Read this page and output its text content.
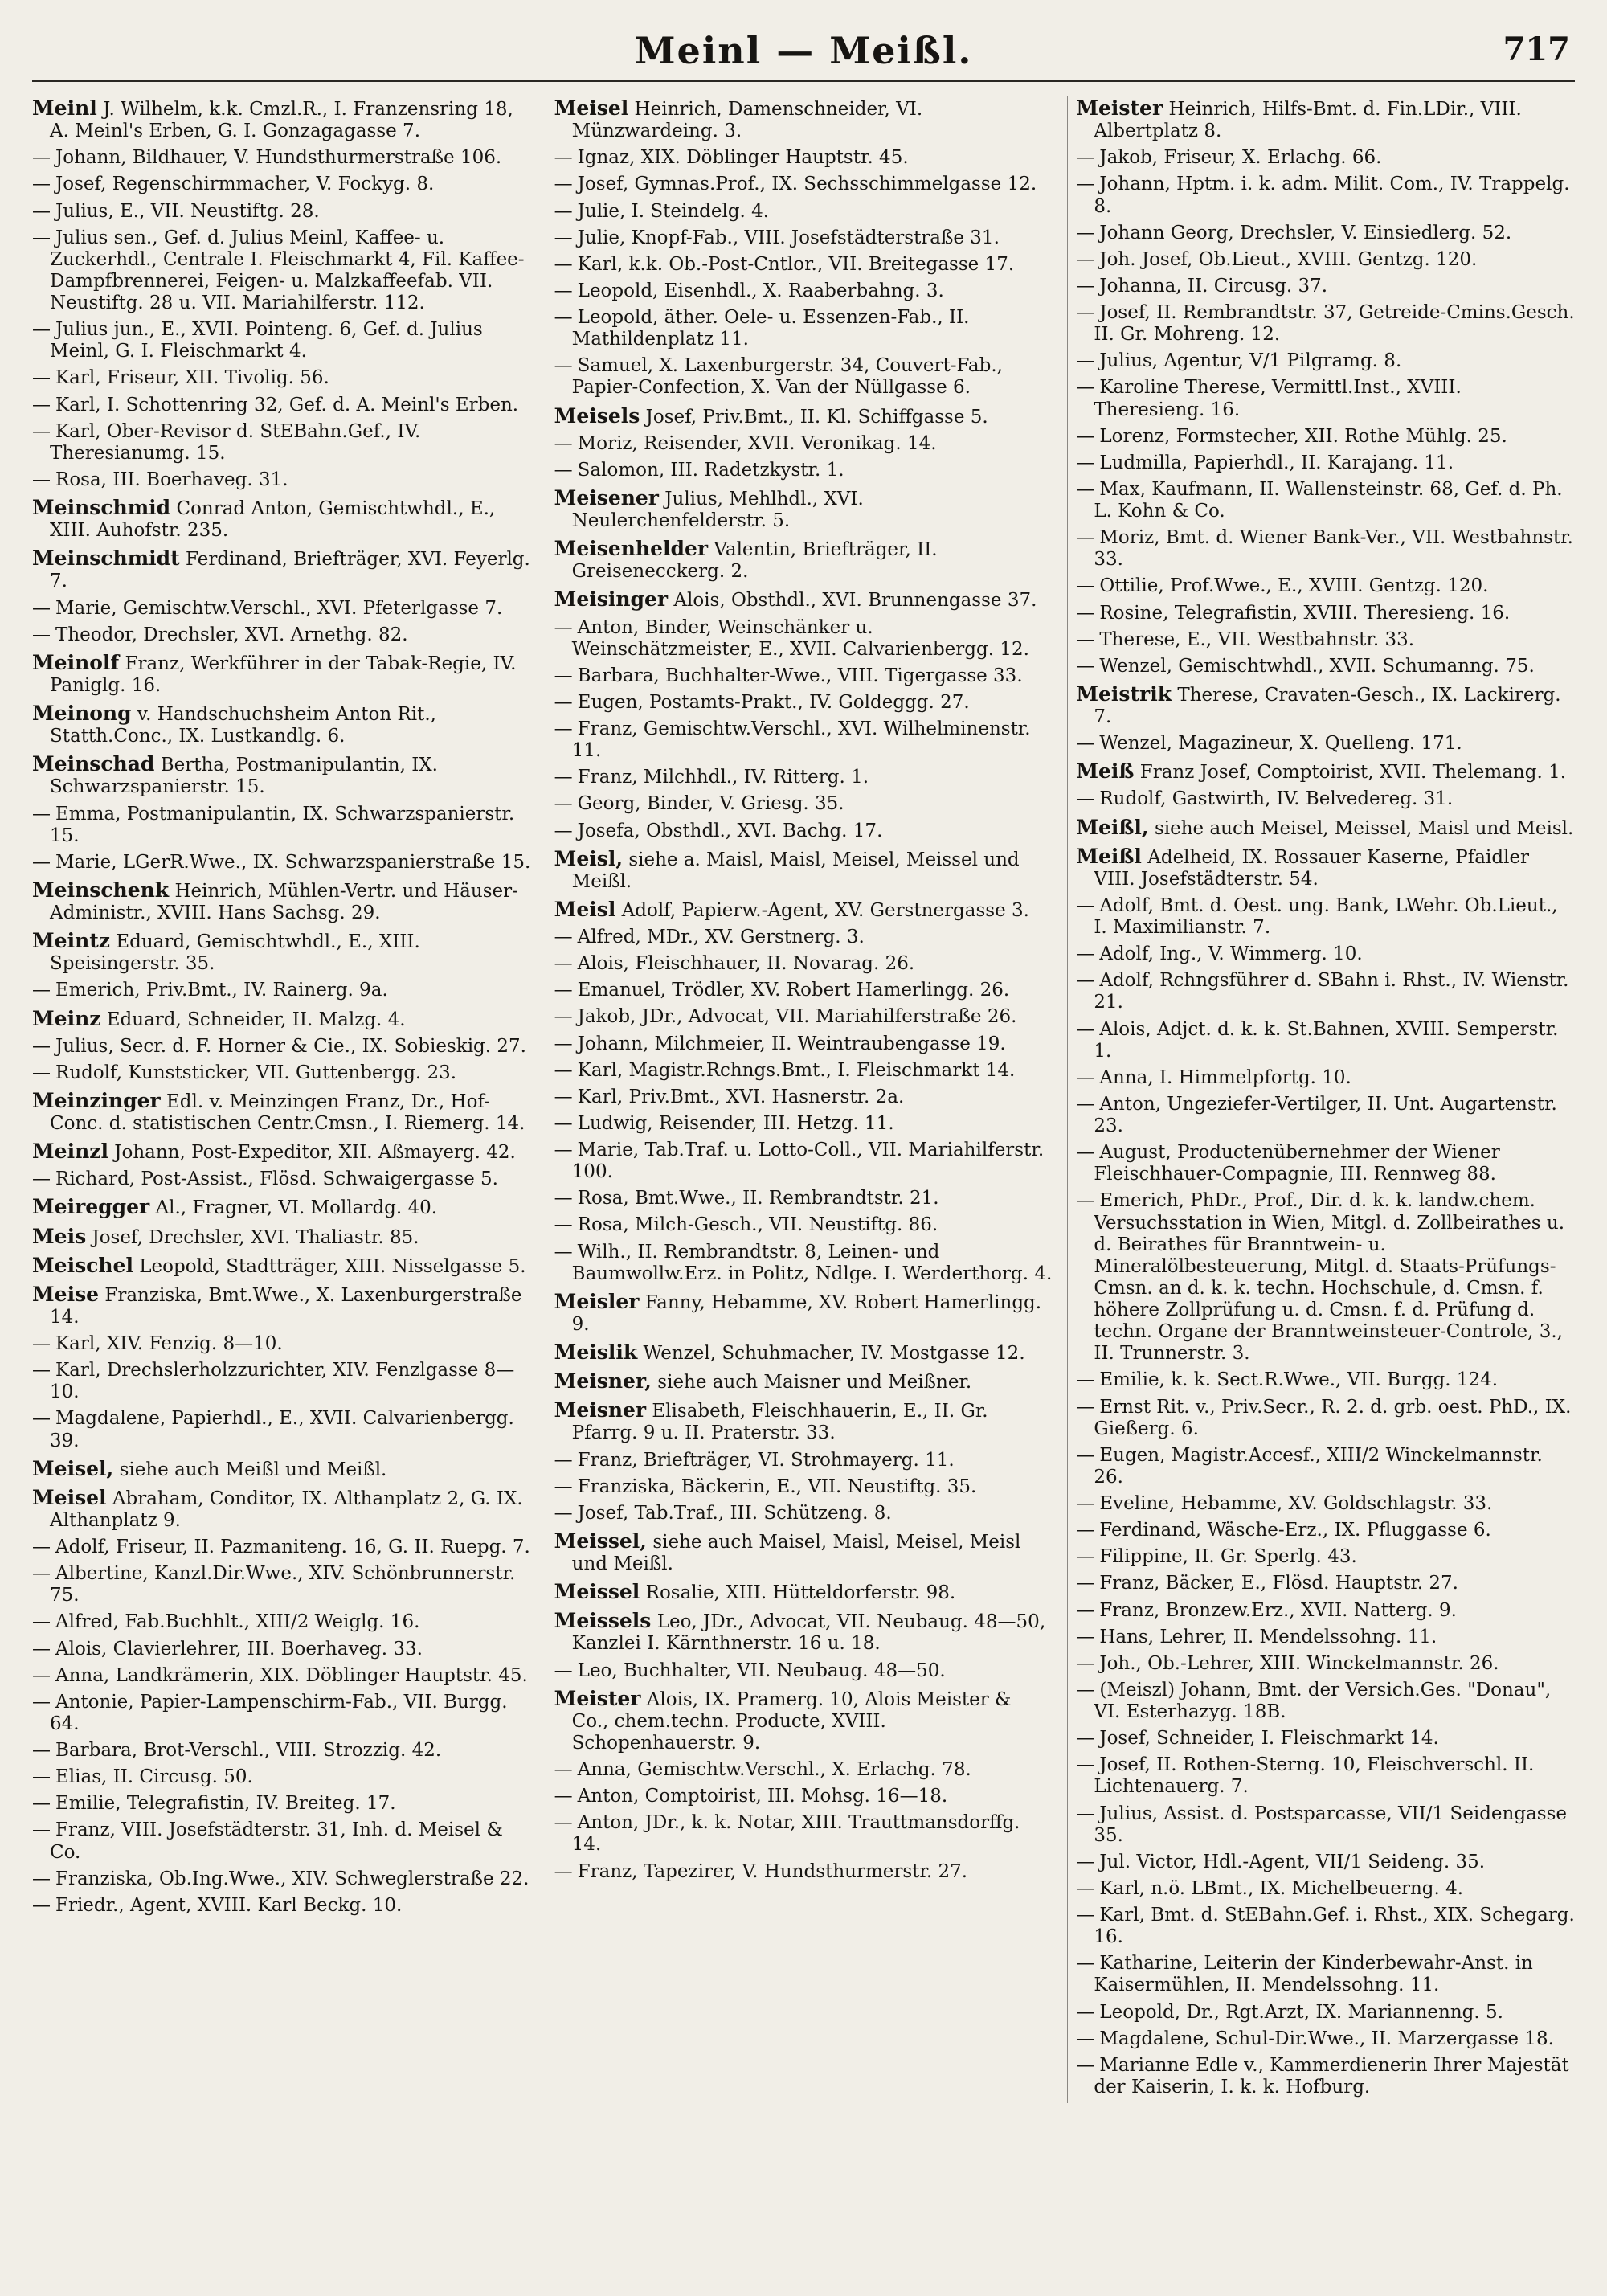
Meinl — Meißl.	717

Meinl J. Wilhelm, k.k. Cmzl.R., I. Franzensring 18, A. Meinl's Erben, G. I. Gonzagagasse 7.

— Johann, Bildhauer, V. Hundsthurmerstraße 106.

— Josef, Regenschirmmacher, V. Fockyg. 8.

— Julius, E., VII. Neustiftg. 28.

— Julius sen., Gef. d. Julius Meinl, Kaffee- u. Zuckerhdl., Centrale I. Fleischmarkt 4, Fil. Kaffee-Dampfbrennerei, Feigen- u. Malzkaffeefab. VII. Neustiftg. 28 u. VII. Mariahilferstr. 112.

— Julius jun., E., XVII. Pointeng. 6, Gef. d. Julius Meinl, G. I. Fleischmarkt 4.

— Karl, Friseur, XII. Tivolig. 56.

— Karl, I. Schottenring 32, Gef. d. A. Meinl's Erben.

— Karl, Ober-Revisor d. StEBahn.Gef., IV. Theresianumg. 15.

— Rosa, III. Boerhaveg. 31.

Meinschmid Conrad Anton, Gemischtwhdl., E., XIII. Auhofstr. 235.

Meinschmidt Ferdinand, Briefträger, XVI. Feyerlg. 7.

— Marie, Gemischtw.Verschl., XVI. Pfeterlgasse 7.

— Theodor, Drechsler, XVI. Arnethg. 82.

Meinolf Franz, Werkführer in der Tabak-Regie, IV. Paniglg. 16.

Meinong v. Handschuchsheim Anton Rit., Statth.Conc., IX. Lustkandlg. 6.

Meinschad Bertha, Postmanipulantin, IX. Schwarzspanierstr. 15.

— Emma, Postmanipulantin, IX. Schwarzspanierstr. 15.

— Marie, LGerR.Wwe., IX. Schwarzspanierstraße 15.

Meinschenk Heinrich, Mühlen-Vertr. und Häuser-Administr., XVIII. Hans Sachsg. 29.

Meintz Eduard, Gemischtwhdl., E., XIII. Speisingerstr. 35.

— Emerich, Priv.Bmt., IV. Rainerg. 9a.

Meinz Eduard, Schneider, II. Malzg. 4.

— Julius, Secr. d. F. Horner & Cie., IX. Sobieskig. 27.

— Rudolf, Kunststicker, VII. Guttenbergg. 23.

Meinzinger Edl. v. Meinzingen Franz, Dr., Hof-Conc. d. statistischen Centr.Cmsn., I. Riemerg. 14.

Meinzl Johann, Post-Expeditor, XII. Aßmayerg. 42.

— Richard, Post-Assist., Flösd. Schwaigergasse 5.

Meiregger Al., Fragner, VI. Mollardg. 40.

Meis Josef, Drechsler, XVI. Thaliastr. 85.

Meischel Leopold, Stadtträger, XIII. Nisselgasse 5.

Meise Franziska, Bmt.Wwe., X. Laxenburgerstraße 14.

— Karl, XIV. Fenzig. 8—10.

— Karl, Drechslerholzzurichter, XIV. Fenzlgasse 8—10.

— Magdalene, Papierhdl., E., XVII. Calvarienbergg. 39.

Meisel, siehe auch Meißl und Meißl.

Meisel Abraham, Conditor, IX. Althanplatz 2, G. IX. Althanplatz 9.

— Adolf, Friseur, II. Pazmaniteng. 16, G. II. Ruepg. 7.

— Albertine, Kanzl.Dir.Wwe., XIV. Schönbrunnerstr. 75.

— Alfred, Fab.Buchhlt., XIII/2 Weiglg. 16.

— Alois, Clavierlehrer, III. Boerhaveg. 33.

— Anna, Landkrämerin, XIX. Döblinger Hauptstr. 45.

— Antonie, Papier-Lampenschirm-Fab., VII. Burgg. 64.

— Barbara, Brot-Verschl., VIII. Strozzig. 42.

— Elias, II. Circusg. 50.

— Emilie, Telegrafistin, IV. Breiteg. 17.

— Franz, VIII. Josefstädterstr. 31, Inh. d. Meisel & Co.

— Franziska, Ob.Ing.Wwe., XIV. Schweglerstraße 22.

— Friedr., Agent, XVIII. Karl Beckg. 10.

Meisel Heinrich, Damenschneider, VI. Münzwardeing. 3.

— Ignaz, XIX. Döblinger Hauptstr. 45.

— Josef, Gymnas.Prof., IX. Sechsschimmelgasse 12.

— Julie, I. Steindelg. 4.

— Julie, Knopf-Fab., VIII. Josefstädterstraße 31.

— Karl, k.k. Ob.-Post-Cntlor., VII. Breitegasse 17.

— Leopold, Eisenhdl., X. Raaberbahng. 3.

— Leopold, äther. Oele- u. Essenzen-Fab., II. Mathildenplatz 11.

— Samuel, X. Laxenburgerstr. 34, Couvert-Fab., Papier-Confection, X. Van der Nüllgasse 6.

Meisels Josef, Priv.Bmt., II. Kl. Schiffgasse 5.

— Moriz, Reisender, XVII. Veronikag. 14.

— Salomon, III. Radetzkystr. 1.

Meisener Julius, Mehlhdl., XVI. Neulerchenfelderstr. 5.

Meisenhelder Valentin, Briefträger, II. Greisenecckerg. 2.

Meisinger Alois, Obsthdl., XVI. Brunnengasse 37.

— Anton, Binder, Weinschänker u. Weinschätzmeister, E., XVII. Calvarienbergg. 12.

— Barbara, Buchhalter-Wwe., VIII. Tigergasse 33.

— Eugen, Postamts-Prakt., IV. Goldeggg. 27.

— Franz, Gemischtw.Verschl., XVI. Wilhelminenstr. 11.

— Franz, Milchhdl., IV. Ritterg. 1.

— Georg, Binder, V. Griesg. 35.

— Josefa, Obsthdl., XVI. Bachg. 17.

Meisl, siehe a. Maisl, Maisl, Meisel, Meissel und Meißl.

Meisl Adolf, Papierw.-Agent, XV. Gerstnergasse 3.

— Alfred, MDr., XV. Gerstnerg. 3.

— Alois, Fleischhauer, II. Novarag. 26.

— Emanuel, Trödler, XV. Robert Hamerlingg. 26.

— Jakob, JDr., Advocat, VII. Mariahilferstraße 26.

— Johann, Milchmeier, II. Weintraubengasse 19.

— Karl, Magistr.Rchngs.Bmt., I. Fleischmarkt 14.

— Karl, Priv.Bmt., XVI. Hasnerstr. 2a.

— Ludwig, Reisender, III. Hetzg. 11.

— Marie, Tab.Traf. u. Lotto-Coll., VII. Mariahilferstr. 100.

— Rosa, Bmt.Wwe., II. Rembrandtstr. 21.

— Rosa, Milch-Gesch., VII. Neustiftg. 86.

— Wilh., II. Rembrandtstr. 8, Leinen- und Baumwollw.Erz. in Politz, Ndlge. I. Werderthorg. 4.

Meisler Fanny, Hebamme, XV. Robert Hamerlingg. 9.

Meislik Wenzel, Schuhmacher, IV. Mostgasse 12.

Meisner, siehe auch Maisner und Meißner.

Meisner Elisabeth, Fleischhauerin, E., II. Gr. Pfarrg. 9 u. II. Praterstr. 33.

— Franz, Briefträger, VI. Strohmayerg. 11.

— Franziska, Bäckerin, E., VII. Neustiftg. 35.

— Josef, Tab.Traf., III. Schützeng. 8.

Meissel, siehe auch Maisel, Maisl, Meisel, Meisl und Meißl.

Meissel Rosalie, XIII. Hütteldorferstr. 98.

Meissels Leo, JDr., Advocat, VII. Neubaug. 48—50, Kanzlei I. Kärnthnerstr. 16 u. 18.

— Leo, Buchhalter, VII. Neubaug. 48—50.

Meister Alois, IX. Pramerg. 10, Alois Meister & Co., chem.techn. Producte, XVIII. Schopenhauerstr. 9.

— Anna, Gemischtw.Verschl., X. Erlachg. 78.

— Anton, Comptoirist, III. Mohsg. 16—18.

— Anton, JDr., k. k. Notar, XIII. Trauttmansdorffg. 14.

— Franz, Tapezirer, V. Hundsthurmerstr. 27.

Meister Heinrich, Hilfs-Bmt. d. Fin.LDir., VIII. Albertplatz 8.

— Jakob, Friseur, X. Erlachg. 66.

— Johann, Hptm. i. k. adm. Milit. Com., IV. Trappelg. 8.

— Johann Georg, Drechsler, V. Einsiedlerg. 52.

— Joh. Josef, Ob.Lieut., XVIII. Gentzg. 120.

— Johanna, II. Circusg. 37.

— Josef, II. Rembrandtstr. 37, Getreide-Cmins.Gesch. II. Gr. Mohreng. 12.

— Julius, Agentur, V/1 Pilgramg. 8.

— Karoline Therese, Vermittl.Inst., XVIII. Theresieng. 16.

— Lorenz, Formstecher, XII. Rothe Mühlg. 25.

— Ludmilla, Papierhdl., II. Karajang. 11.

— Max, Kaufmann, II. Wallensteinstr. 68, Gef. d. Ph. L. Kohn & Co.

— Moriz, Bmt. d. Wiener Bank-Ver., VII. Westbahnstr. 33.

— Ottilie, Prof.Wwe., E., XVIII. Gentzg. 120.

— Rosine, Telegrafistin, XVIII. Theresieng. 16.

— Therese, E., VII. Westbahnstr. 33.

— Wenzel, Gemischtwhdl., XVII. Schumanng. 75.

Meistrik Therese, Cravaten-Gesch., IX. Lackirerg. 7.

— Wenzel, Magazineur, X. Quelleng. 171.

Meiß Franz Josef, Comptoirist, XVII. Thelemang. 1.

— Rudolf, Gastwirth, IV. Belvedereg. 31.

Meißl, siehe auch Meisel, Meissel, Maisl und Meisl.

Meißl Adelheid, IX. Rossauer Kaserne, Pfaidler VIII. Josefstädterstr. 54.

— Adolf, Bmt. d. Oest. ung. Bank, LWehr. Ob.Lieut., I. Maximilianstr. 7.

— Adolf, Ing., V. Wimmerg. 10.

— Adolf, Rchngsführer d. SBahn i. Rhst., IV. Wienstr. 21.

— Alois, Adjct. d. k. k. St.Bahnen, XVIII. Semperstr. 1.

— Anna, I. Himmelpfortg. 10.

— Anton, Ungeziefer-Vertilger, II. Unt. Augartenstr. 23.

— August, Productenübernehmer der Wiener Fleischhauer-Compagnie, III. Rennweg 88.

— Emerich, PhDr., Prof., Dir. d. k. k. landw.chem. Versuchsstation in Wien, Mitgl. d. Zollbeirathes u. d. Beirathes für Branntwein- u. Mineralölbesteuerung, Mitgl. d. Staats-Prüfungs-Cmsn. an d. k. k. techn. Hochschule, d. Cmsn. f. höhere Zollprüfung u. d. Cmsn. f. d. Prüfung d. techn. Organe der Branntweinsteuer-Controle, 3., II. Trunnerstr. 3.

— Emilie, k. k. Sect.R.Wwe., VII. Burgg. 124.

— Ernst Rit. v., Priv.Secr., R. 2. d. grb. oest. PhD., IX. Gießerg. 6.

— Eugen, Magistr.Accesf., XIII/2 Winckelmannstr. 26.

— Eveline, Hebamme, XV. Goldschlagstr. 33.

— Ferdinand, Wäsche-Erz., IX. Pfluggasse 6.

— Filippine, II. Gr. Sperlg. 43.

— Franz, Bäcker, E., Flösd. Hauptstr. 27.

— Franz, Bronzew.Erz., XVII. Natterg. 9.

— Hans, Lehrer, II. Mendelssohng. 11.

— Joh., Ob.-Lehrer, XIII. Winckelmannstr. 26.

— (Meiszl) Johann, Bmt. der Versich.Ges. "Donau", VI. Esterhazyg. 18B.

— Josef, Schneider, I. Fleischmarkt 14.

— Josef, II. Rothen-Sterng. 10, Fleischverschl. II. Lichtenauerg. 7.

— Julius, Assist. d. Postsparcasse, VII/1 Seidengasse 35.

— Jul. Victor, Hdl.-Agent, VII/1 Seideng. 35.

— Karl, n.ö. LBmt., IX. Michelbeuerng. 4.

— Karl, Bmt. d. StEBahn.Gef. i. Rhst., XIX. Schegarg. 16.

— Katharine, Leiterin der Kinderbewahr-Anst. in Kaisermühlen, II. Mendelssohng. 11.

— Leopold, Dr., Rgt.Arzt, IX. Mariannenng. 5.

— Magdalene, Schul-Dir.Wwe., II. Marzergasse 18.

— Marianne Edle v., Kammerdienerin Ihrer Majestät der Kaiserin, I. k. k. Hofburg.
